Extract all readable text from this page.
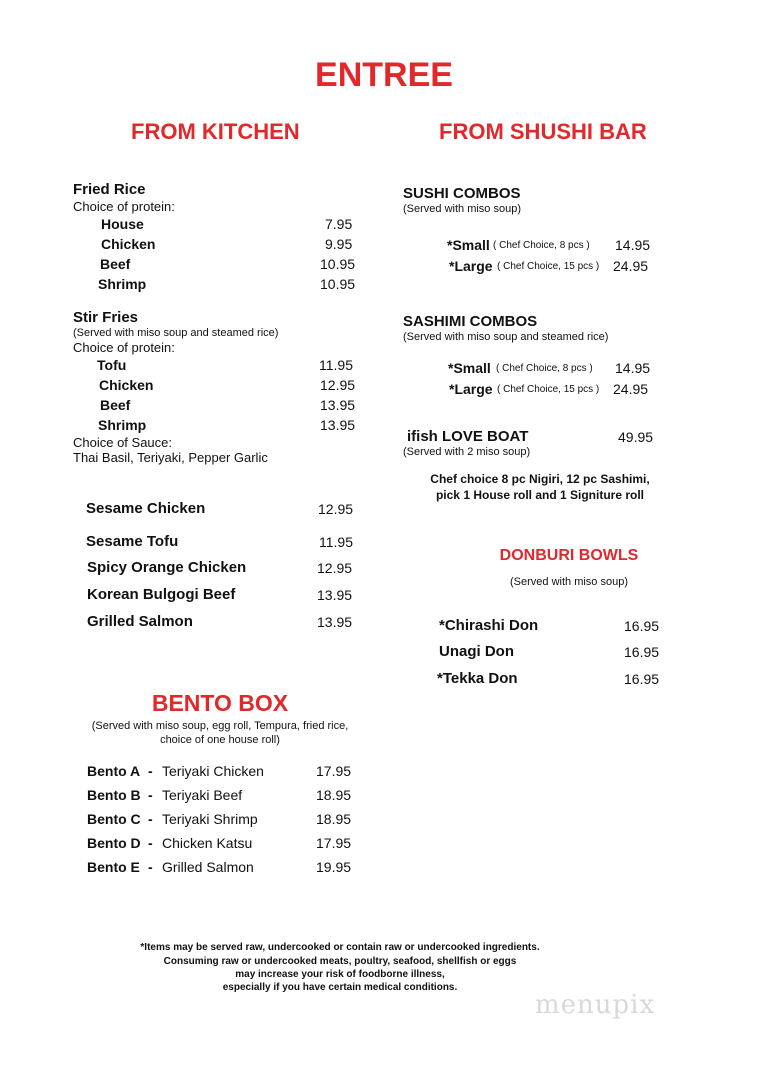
ENTREE
FROM KITCHEN	FROM SHUSHI BAR
Fried Rice
Choice of protein:
House	7.95
Chicken	9.95
Beef	10.95
Shrimp	10.95
Stir Fries
(Served with miso soup and steamed rice)
Choice of protein:
Tofu	11.95
Chicken	12.95
Beef	13.95
Shrimp	13.95
Choice of Sauce:
Thai Basil, Teriyaki, Pepper Garlic
Sesame Chicken	12.95
Sesame Tofu	11.95
Spicy Orange Chicken	12.95
Korean Bulgogi Beef	13.95
Grilled Salmon	13.95
BENTO BOX
(Served with miso soup, egg roll, Tempura, fried rice,
choice of one house roll)
Bento A - Teriyaki Chicken	17.95
Bento B - Teriyaki Beef	18.95
Bento C - Teriyaki Shrimp	18.95
Bento D - Chicken Katsu	17.95
Bento E - Grilled Salmon	19.95
SUSHI COMBOS
(Served with miso soup)
*Small ( Chef Choice, 8 pcs ) 14.95
*Large ( Chef Choice, 15 pcs ) 24.95
SASHIMI COMBOS
(Served with miso soup and steamed rice)
*Small ( Chef Choice, 8 pcs ) 14.95
*Large ( Chef Choice, 15 pcs ) 24.95
ifish LOVE BOAT	49.95
(Served with 2 miso soup)
Chef choice 8 pc Nigiri, 12 pc Sashimi,
pick 1 House roll and 1 Signiture roll
DONBURI BOWLS
(Served with miso soup)
*Chirashi Don	16.95
Unagi Don	16.95
*Tekka Don	16.95
*Items may be served raw, undercooked or contain raw or undercooked ingredients.
Consuming raw or undercooked meats, poultry, seafood, shellfish or eggs
may increase your risk of foodborne illness,
especially if you have certain medical conditions.
menupix
